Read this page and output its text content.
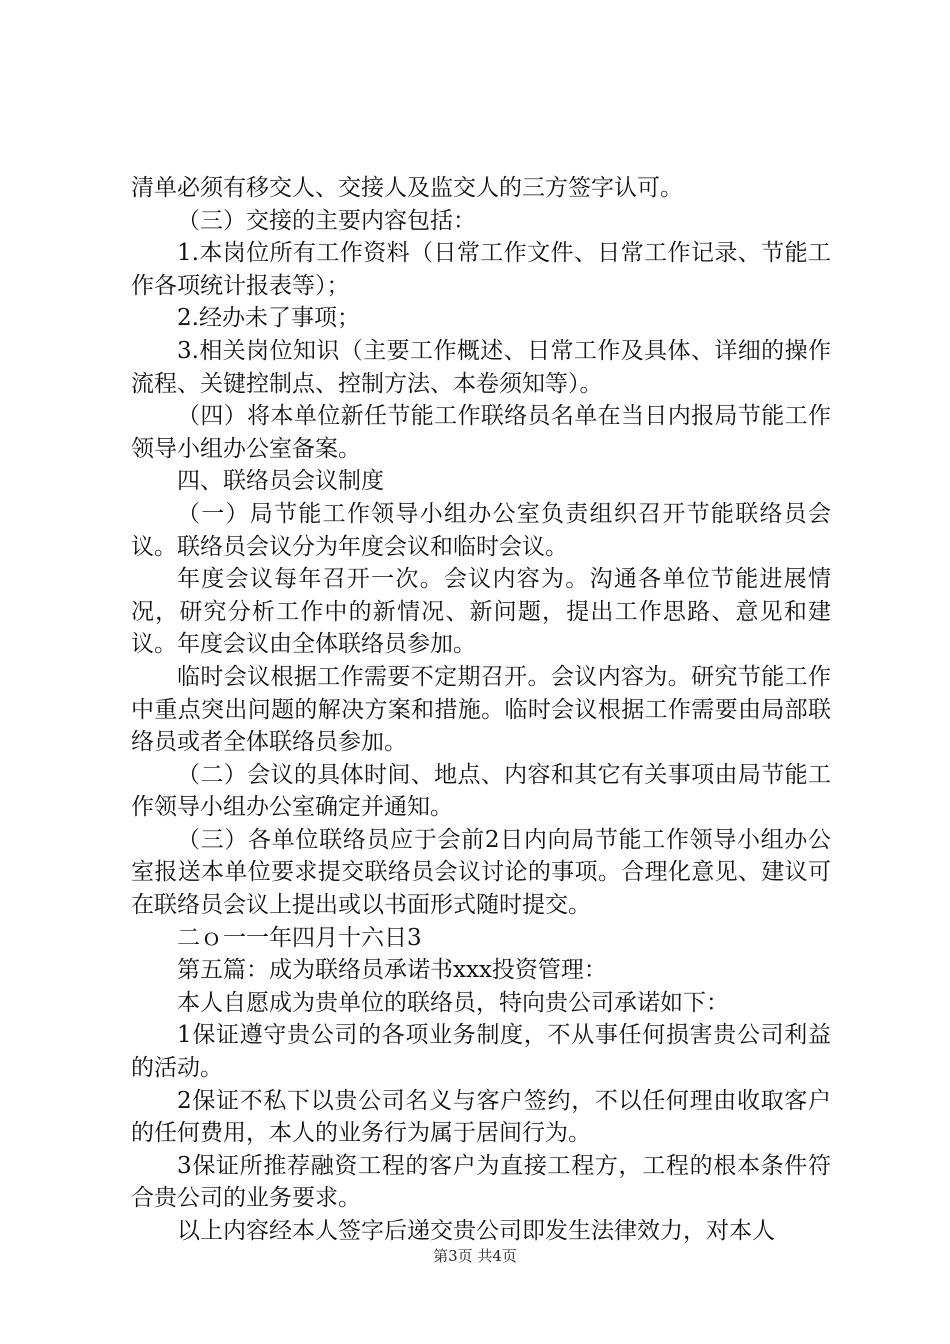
清单必须有移交人、交接人及监交人的三方签字认可。

（三）交接的主要内容包括：

1.本岗位所有工作资料（日常工作文件、日常工作记录、节能工作各项统计报表等）；

2.经办未了事项；

3.相关岗位知识（主要工作概述、日常工作及具体、详细的操作流程、关键控制点、控制方法、本卷须知等）。

（四）将本单位新任节能工作联络员名单在当日内报局节能工作领导小组办公室备案。

四、联络员会议制度

（一）局节能工作领导小组办公室负责组织召开节能联络员会议。联络员会议分为年度会议和临时会议。

年度会议每年召开一次。会议内容为。沟通各单位节能进展情况，研究分析工作中的新情况、新问题，提出工作思路、意见和建议。年度会议由全体联络员参加。

临时会议根据工作需要不定期召开。会议内容为。研究节能工作中重点突出问题的解决方案和措施。临时会议根据工作需要由局部联络员或者全体联络员参加。

（二）会议的具体时间、地点、内容和其它有关事项由局节能工作领导小组办公室确定并通知。

（三）各单位联络员应于会前2日内向局节能工作领导小组办公室报送本单位要求提交联络员会议讨论的事项。合理化意见、建议可在联络员会议上提出或以书面形式随时提交。

二ｏ一一年四月十六日3

第五篇：成为联络员承诺书xxx投资管理：

本人自愿成为贵单位的联络员，特向贵公司承诺如下：

1保证遵守贵公司的各项业务制度，不从事任何损害贵公司利益的活动。

2保证不私下以贵公司名义与客户签约，不以任何理由收取客户的任何费用，本人的业务行为属于居间行为。

3保证所推荐融资工程的客户为直接工程方，工程的根本条件符合贵公司的业务要求。

以上内容经本人签字后递交贵公司即发生法律效力，对本人

第3页 共4页
